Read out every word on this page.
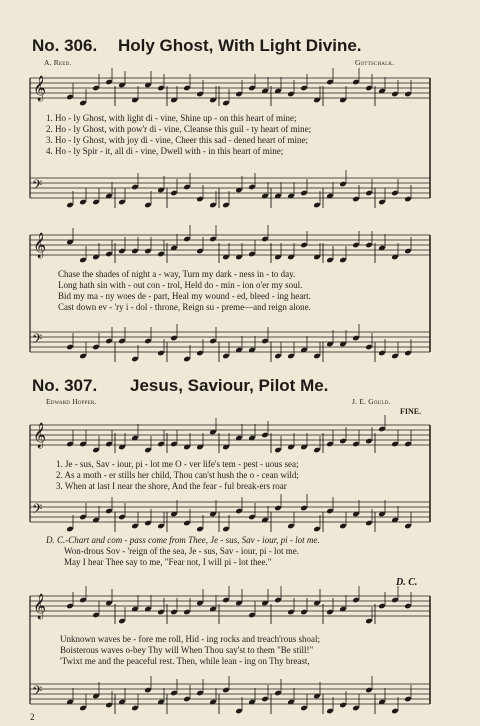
No. 306. Holy Ghost, With Light Divine.
A. Reed.	Gottschalk.
1. Ho - ly Ghost, with light di - vine, Shine up - on this heart of mine;
2. Ho - ly Ghost, with pow'r di - vine, Cleanse this guil - ty heart of mine;
3. Ho - ly Ghost, with joy di - vine, Cheer this sad - dened heart of mine;
4. Ho - ly Spir - it, all di - vine, Dwell with - in this heart of mine;
Chase the shades of night a - way, Turn my dark - ness in - to day.
Long hath sin with - out con - trol, Held do - min - ion o'er my soul.
Bid my ma - ny woes de - part, Heal my wound - ed, bleed - ing heart.
Cast down ev - 'ry i - dol - throne, Reign su - preme—and reign alone.
No. 307. Jesus, Saviour, Pilot Me.
Edward Hopper.	J. E. Gould.
FINE.
1. Je - sus, Sav - iour, pi - lot me O - ver life's tem - pest - uous sea;
2. As a moth - er stills her child, Thou can'st hush the o - cean wild;
3. When at last I near the shore, And the fear - ful break-ers roar
D. C.-Chart and com - pass come from Thee, Je - sus, Sav - iour, pi - lot me.
Won-drous Sov - 'reign of the sea, Je - sus, Sav - iour, pi - lot me.
May I hear Thee say to me, "Fear not, I will pi - lot thee."
D. C.
Unknown waves be - fore me roll, Hid - ing rocks and treach'rous shoal;
Boisterous waves o-bey Thy will When Thou say'st to them "Be still!"
'Twixt me and the peaceful rest. Then, while lean - ing on Thy breast,
2
𝄞
𝄢
𝄞
𝄢
𝄞
𝄢
𝄞
𝄢
